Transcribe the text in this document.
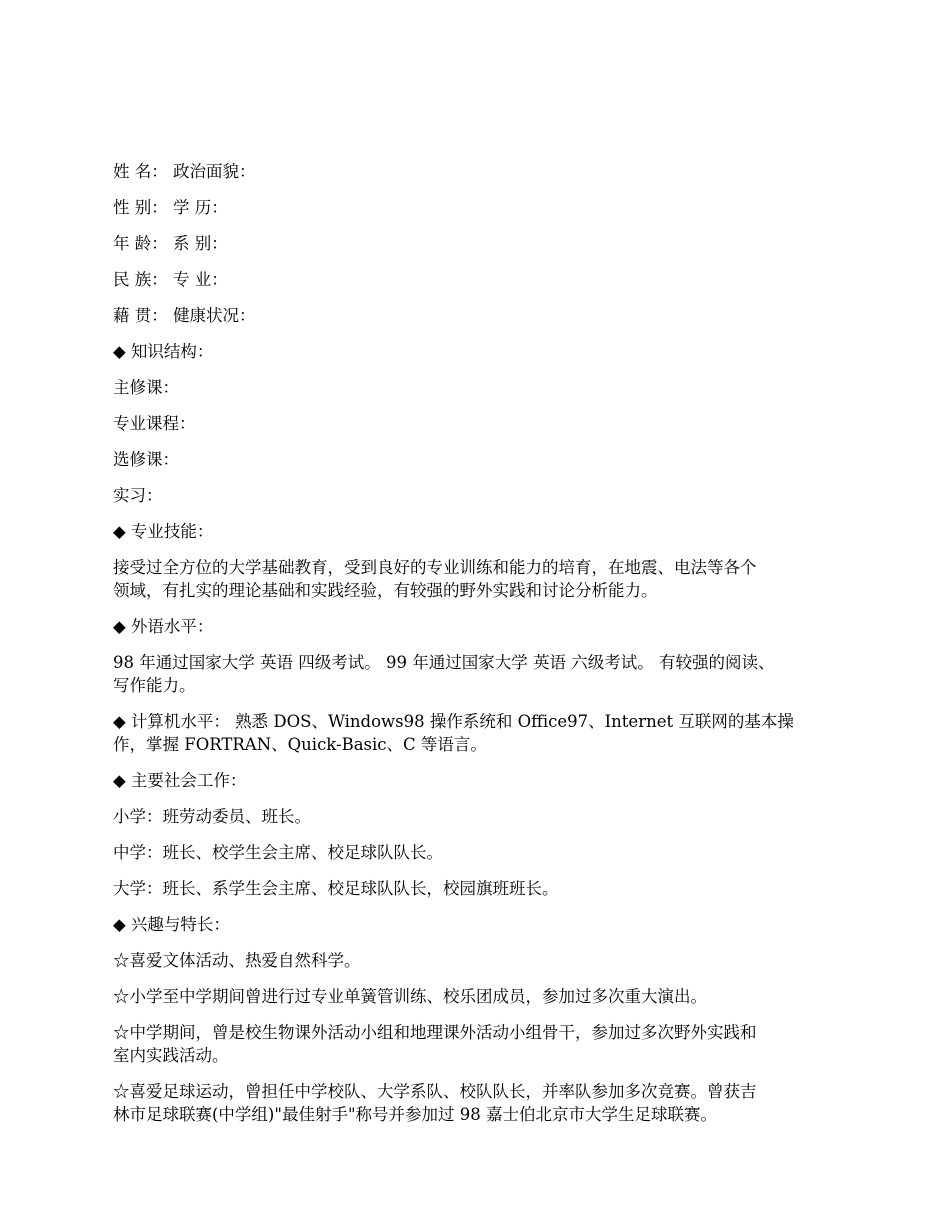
姓 名： 政治面貌：
性 别： 学 历：
年 龄： 系 别：
民 族： 专 业：
藉 贯： 健康状况：
◆ 知识结构：
主修课：
专业课程：
选修课：
实习：
◆ 专业技能：
接受过全方位的大学基础教育，受到良好的专业训练和能力的培育，在地震、电法等各个
领域，有扎实的理论基础和实践经验，有较强的野外实践和讨论分析能力。
◆ 外语水平：
98 年通过国家大学 英语 四级考试。 99 年通过国家大学 英语 六级考试。 有较强的阅读、
写作能力。
◆ 计算机水平： 熟悉 DOS、Windows98 操作系统和 Office97、Internet 互联网的基本操
作，掌握 FORTRAN、Quick-Basic、C 等语言。
◆ 主要社会工作：
小学：班劳动委员、班长。
中学：班长、校学生会主席、校足球队队长。
大学：班长、系学生会主席、校足球队队长，校园旗班班长。
◆ 兴趣与特长：
☆喜爱文体活动、热爱自然科学。
☆小学至中学期间曾进行过专业单簧管训练、校乐团成员，参加过多次重大演出。
☆中学期间，曾是校生物课外活动小组和地理课外活动小组骨干，参加过多次野外实践和
室内实践活动。
☆喜爱足球运动，曾担任中学校队、大学系队、校队队长，并率队参加多次竞赛。曾获吉
林市足球联赛(中学组)"最佳射手"称号并参加过 98 嘉士伯北京市大学生足球联赛。
